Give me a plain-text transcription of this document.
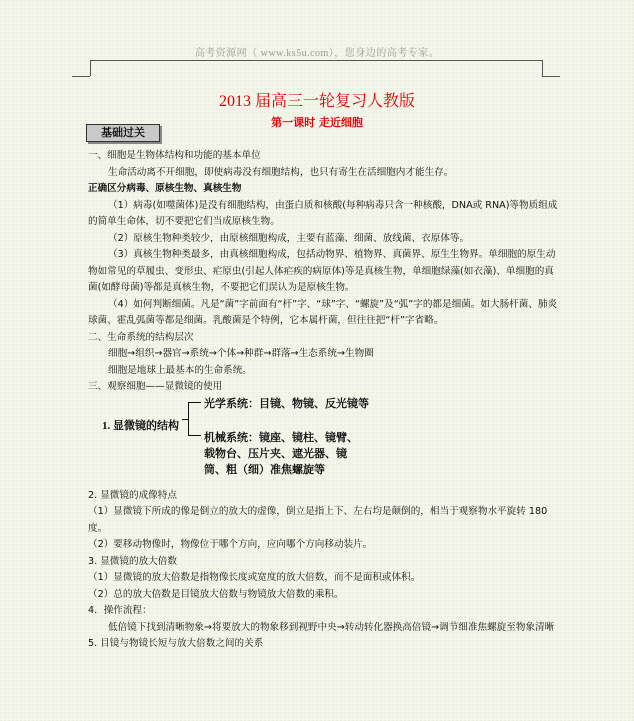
高考资源网（ www.ks5u.com），您身边的高考专家。
2013 届高三一轮复习人教版
第一课时 走近细胞
基础过关

一、细胞是生物体结构和功能的基本单位

生命活动离不开细胞，即使病毒没有细胞结构，也只有寄生在活细胞内才能生存。

正确区分病毒、原核生物、真核生物

（1）病毒(如噬菌体)是没有细胞结构，由蛋白质和核酸(每种病毒只含一种核酸，DNA或 RNA)等物质组成的简单生命体，切不要把它们当成原核生物。

（2）原核生物种类较少，由原核细胞构成，主要有蓝藻、细菌、放线菌、衣原体等。

（3）真核生物种类最多，由真核细胞构成，包括动物界、植物界、真菌界、原生生物界。单细胞的原生动物如常见的草履虫、变形虫、疟原虫(引起人体疟疾的病原体)等是真核生物，单细胞绿藻(如衣藻)、单细胞的真菌(如酵母菌)等都是真核生物，不要把它们误认为是原核生物。

（4）如何判断细菌。凡是“菌”字前面有“杆”字、“球”字、“螺旋”及“弧”字的都是细菌。如大肠杆菌、肺炎球菌、霍乱弧菌等都是细菌。乳酸菌是个特例，它本属杆菌，但往往把“杆”字省略。

二、生命系统的结构层次

细胞→组织→器官→系统→个体→种群→群落→生态系统→生物圈

细胞是地球上最基本的生命系统。

三、观察细胞——显微镜的使用

1. 显微镜的结构
光学系统：目镜、物镜、反光镜等
机械系统：镜座、镜柱、镜臂、载物台、压片夹、遮光器、镜筒、粗（细）准焦螺旋等

2. 显微镜的成像特点

（1）显微镜下所成的像是倒立的放大的虚像，倒立是指上下、左右均是颠倒的，相当于观察物水平旋转 180 度。

（2）要移动物像时，物像位于哪个方向，应向哪个方向移动装片。

3. 显微镜的放大倍数

（1）显微镜的放大倍数是指物像长度或宽度的放大倍数，而不是面积或体积。

（2）总的放大倍数是目镜放大倍数与物镜放大倍数的乘积。

4．操作流程：

低倍镜下找到清晰物象→将要放大的物象移到视野中央→转动转化器换高倍镜→调节细准焦螺旋至物象清晰

5. 目镜与物镜长短与放大倍数之间的关系
